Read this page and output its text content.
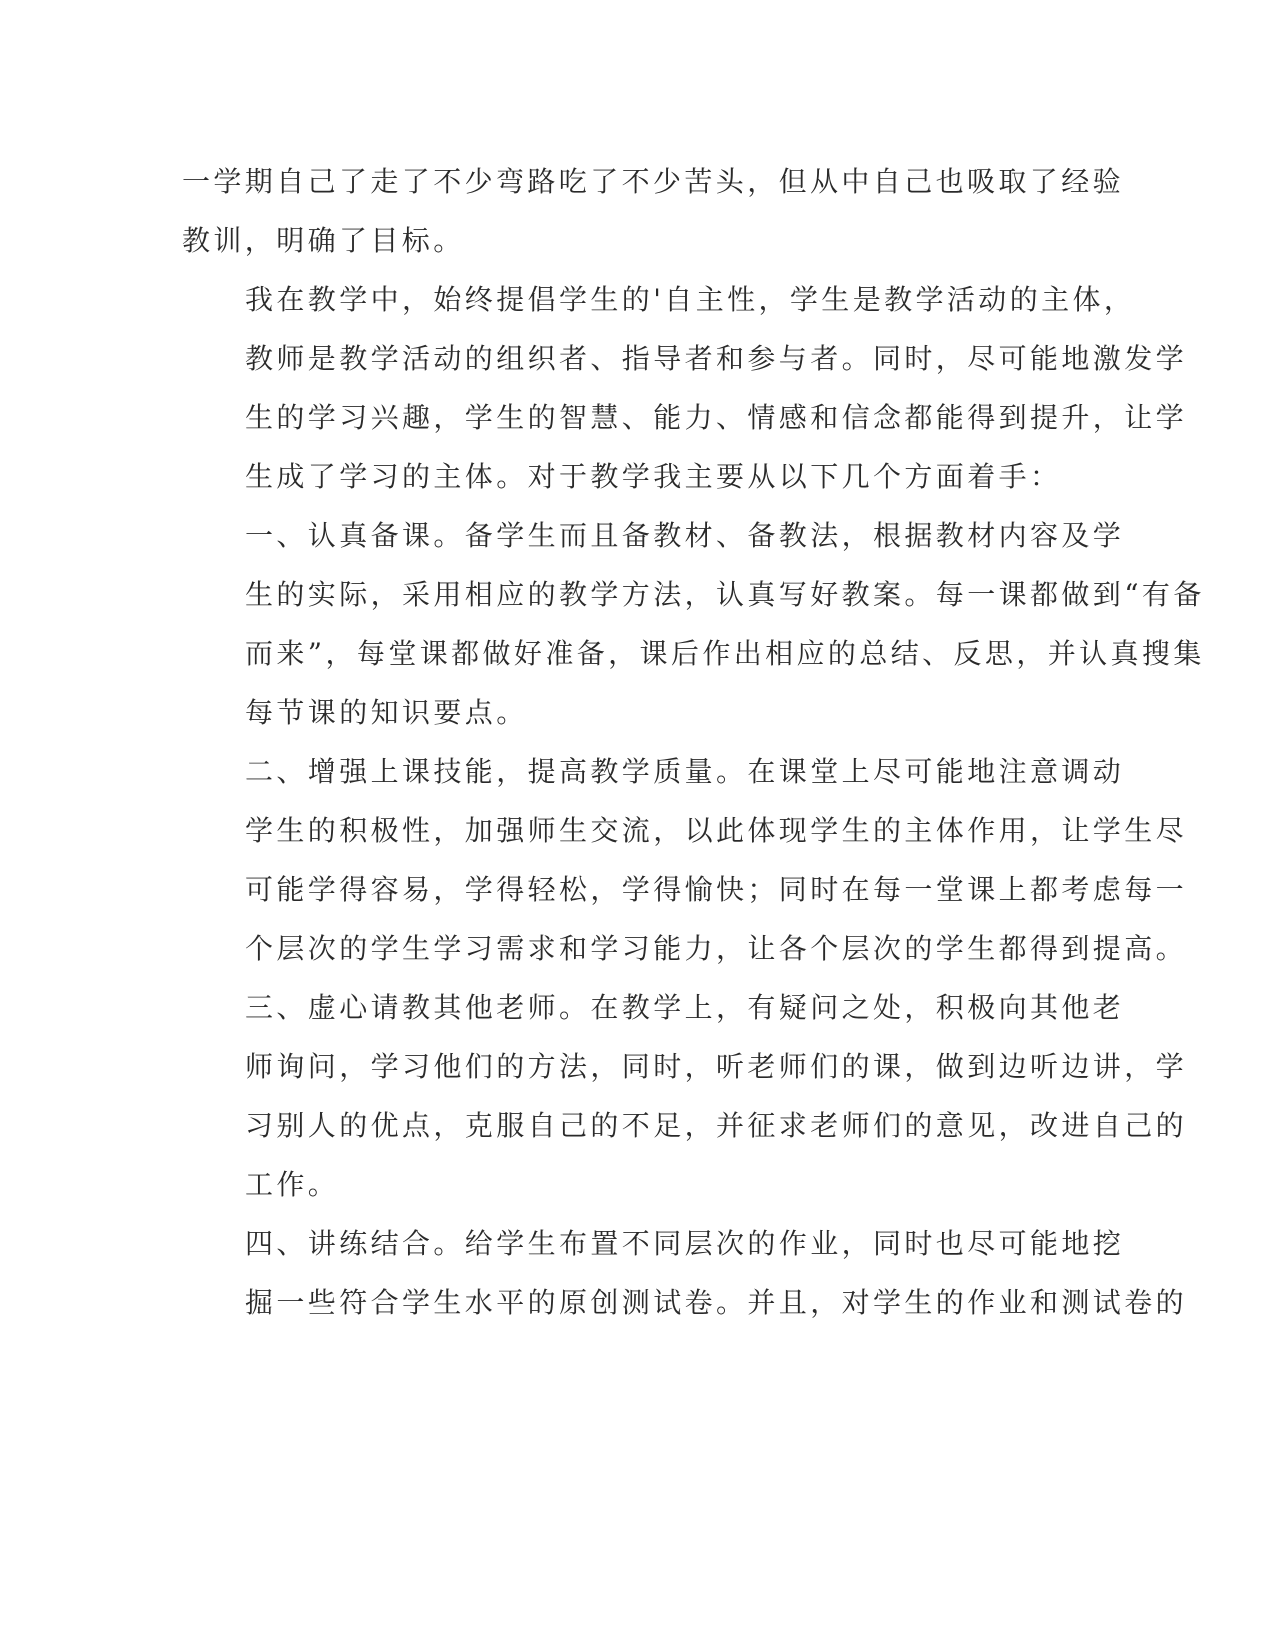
一学期自己了走了不少弯路吃了不少苦头，但从中自己也吸取了经验
教训，明确了目标。

我在教学中，始终提倡学生的'自主性，学生是教学活动的主体，
教师是教学活动的组织者、指导者和参与者。同时，尽可能地激发学
生的学习兴趣，学生的智慧、能力、情感和信念都能得到提升，让学
生成了学习的主体。对于教学我主要从以下几个方面着手：

一、认真备课。备学生而且备教材、备教法，根据教材内容及学
生的实际，采用相应的教学方法，认真写好教案。每一课都做到“有备
而来”，每堂课都做好准备，课后作出相应的总结、反思，并认真搜集
每节课的知识要点。

二、增强上课技能，提高教学质量。在课堂上尽可能地注意调动
学生的积极性，加强师生交流，以此体现学生的主体作用，让学生尽
可能学得容易，学得轻松，学得愉快；同时在每一堂课上都考虑每一
个层次的学生学习需求和学习能力，让各个层次的学生都得到提高。

三、虚心请教其他老师。在教学上，有疑问之处，积极向其他老
师询问，学习他们的方法，同时，听老师们的课，做到边听边讲，学
习别人的优点，克服自己的不足，并征求老师们的意见，改进自己的
工作。

四、讲练结合。给学生布置不同层次的作业，同时也尽可能地挖
掘一些符合学生水平的原创测试卷。并且，对学生的作业和测试卷的
